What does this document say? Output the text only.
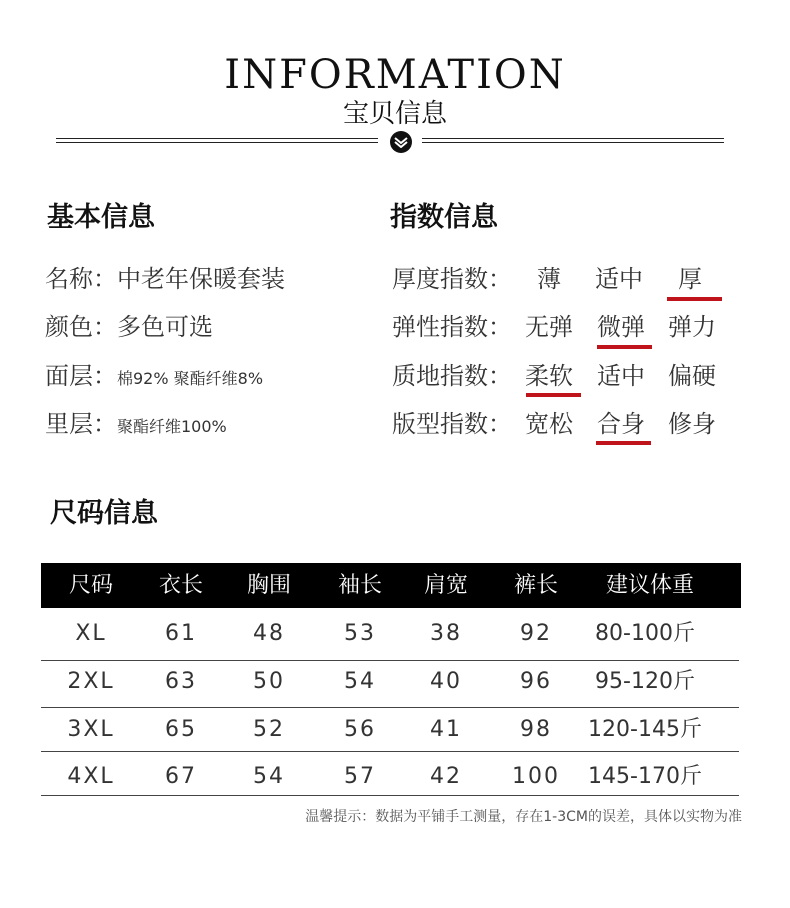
INFORMATION
宝贝信息
基本信息
名称：中老年保暖套装
颜色：多色可选
面层：棉92% 聚酯纤维8%
里层：聚酯纤维100%
指数信息
厚度指数： 薄 适中 厚
弹性指数： 无弹 微弹 弹力
质地指数： 柔软 适中 偏硬
版型指数： 宽松 合身 修身
尺码信息
尺码	衣长	胸围	袖长	肩宽	裤长	建议体重
XL	61	48	53	38	92	80-100斤
2XL	63	50	54	40	96	95-120斤
3XL	65	52	56	41	98	120-145斤
4XL	67	54	57	42	100	145-170斤
温馨提示：数据为平铺手工测量，存在1-3CM的误差，具体以实物为准
